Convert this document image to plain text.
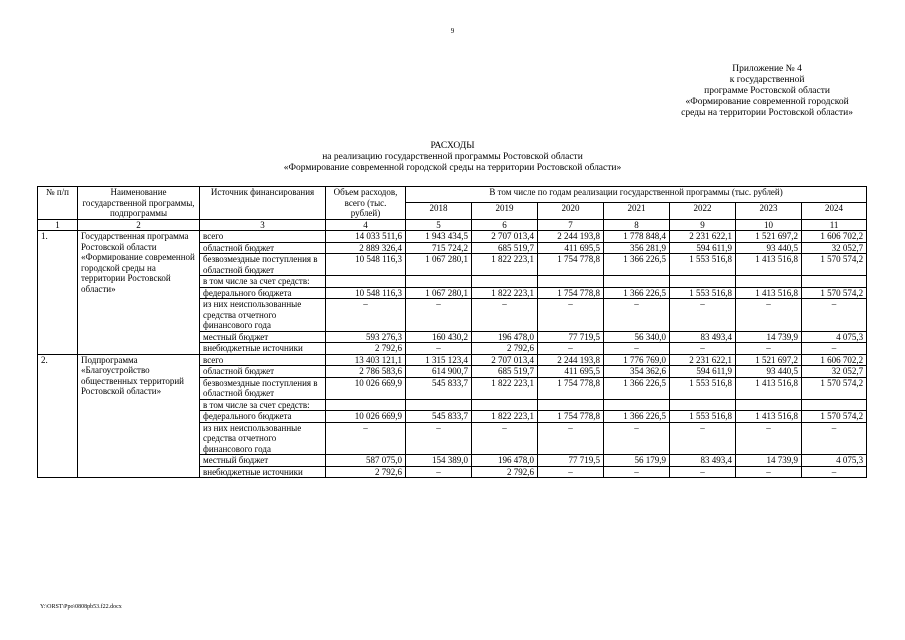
9
Приложение № 4
к государственной
программе Ростовской области
«Формирование современной городской
среды на территории Ростовской области»
РАСХОДЫ
на реализацию государственной программы Ростовской области
«Формирование современной городской среды на территории Ростовской области»
№ п/п	Наименование государственной программы, подпрограммы	Источник финансирования	Объем расходов, всего (тыс. рублей)	В том числе по годам реализации государственной программы (тыс. рублей)						
				2018	2019	2020	2021	2022	2023	2024
1	2	3	4	5	6	7	8	9	10	11
1.	Государственная программа Ростовской области «Формирование современной городской среды на территории Ростовской области»	всего	14 033 511,6	1 943 434,5	2 707 013,4	2 244 193,8	1 778 848,4	2 231 622,1	1 521 697,2	1 606 702,2
		областной бюджет	2 889 326,4	715 724,2	685 519,7	411 695,5	356 281,9	594 611,9	93 440,5	32 052,7
		безвозмездные поступления в областной бюджет	10 548 116,3	1 067 280,1	1 822 223,1	1 754 778,8	1 366 226,5	1 553 516,8	1 413 516,8	1 570 574,2
		в том числе за счет средств:								
		федерального бюджета	10 548 116,3	1 067 280,1	1 822 223,1	1 754 778,8	1 366 226,5	1 553 516,8	1 413 516,8	1 570 574,2
		из них неиспользованные средства отчетного финансового года	–	–	–	–	–	–	–	–
		местный бюджет	593 276,3	160 430,2	196 478,0	77 719,5	56 340,0	83 493,4	14 739,9	4 075,3
		внебюджетные источники	2 792,6	–	2 792,6	–	–	–	–	–
2.	Подпрограмма «Благоустройство общественных территорий Ростовской области»	всего	13 403 121,1	1 315 123,4	2 707 013,4	2 244 193,8	1 776 769,0	2 231 622,1	1 521 697,2	1 606 702,2
		областной бюджет	2 786 583,6	614 900,7	685 519,7	411 695,5	354 362,6	594 611,9	93 440,5	32 052,7
		безвозмездные поступления в областной бюджет	10 026 669,9	545 833,7	1 822 223,1	1 754 778,8	1 366 226,5	1 553 516,8	1 413 516,8	1 570 574,2
		в том числе за счет средств:								
		федерального бюджета	10 026 669,9	545 833,7	1 822 223,1	1 754 778,8	1 366 226,5	1 553 516,8	1 413 516,8	1 570 574,2
		из них неиспользованные средства отчетного финансового года	–	–	–	–	–	–	–	–
		местный бюджет	587 075,0	154 389,0	196 478,0	77 719,5	56 179,9	83 493,4	14 739,9	4 075,3
		внебюджетные источники	2 792,6	–	2 792,6	–	–	–	–	–
Y:\ORST\Ppo\0808pb53.f22.docx
